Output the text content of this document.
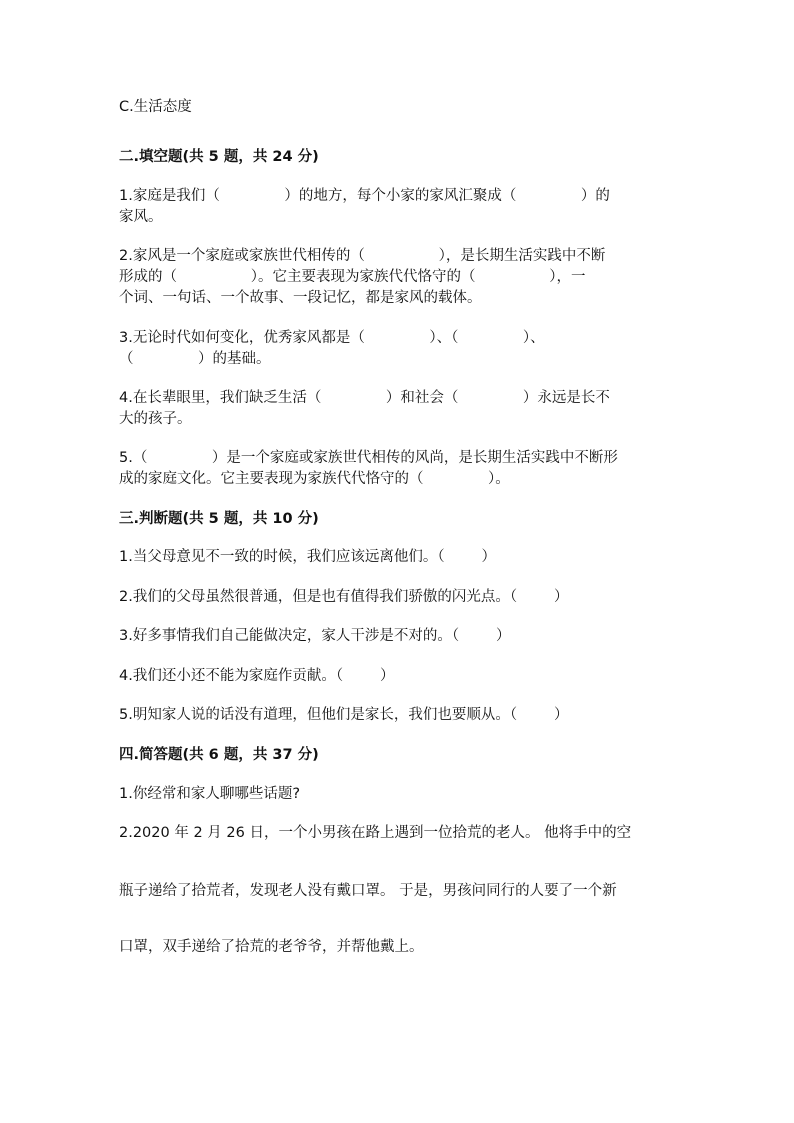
C.生活态度
二.填空题(共 5 题，共 24 分)
1.家庭是我们（              ）的地方，每个小家的家风汇聚成（              ）的
家风。
2.家风是一个家庭或家族世代相传的（                ），是长期生活实践中不断
形成的（                ）。它主要表现为家族代代恪守的（                ），一
个词、一句话、一个故事、一段记忆，都是家风的载体。
3.无论时代如何变化，优秀家风都是（              ）、（              ）、
（              ）的基础。
4.在长辈眼里，我们缺乏生活（              ）和社会（              ）永远是长不
大的孩子。
5.（              ）是一个家庭或家族世代相传的风尚，是长期生活实践中不断形
成的家庭文化。它主要表现为家族代代恪守的（              ）。
三.判断题(共 5 题，共 10 分)
1.当父母意见不一致的时候，我们应该远离他们。（        ）
2.我们的父母虽然很普通，但是也有值得我们骄傲的闪光点。（        ）
3.好多事情我们自己能做决定，家人干涉是不对的。（        ）
4.我们还小还不能为家庭作贡献。（        ）
5.明知家人说的话没有道理，但他们是家长，我们也要顺从。（        ）
四.简答题(共 6 题，共 37 分)
1.你经常和家人聊哪些话题?
2.2020 年 2 月 26 日，一个小男孩在路上遇到一位拾荒的老人。 他将手中的空
瓶子递给了拾荒者，发现老人没有戴口罩。 于是，男孩问同行的人要了一个新
口罩，双手递给了拾荒的老爷爷，并帮他戴上。
